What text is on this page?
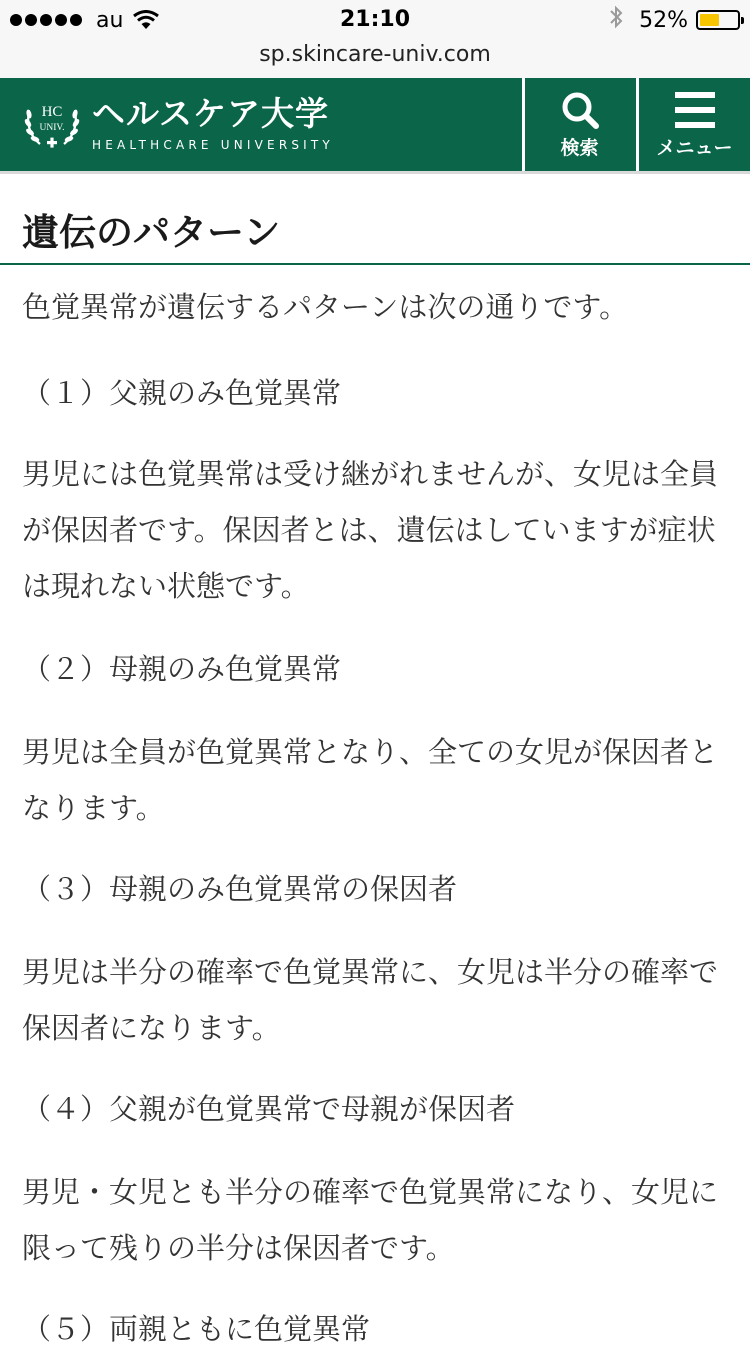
au	21:10	52%
sp.skincare-univ.com
HC
UNIV. ヘルスケア大学
HEALTHCARE UNIVERSITY	検索	メニュー
遺伝のパターン

色覚異常が遺伝するパターンは次の通りです。

（１）父親のみ色覚異常

男児には色覚異常は受け継がれませんが、女児は全員が保因者です。保因者とは、遺伝はしていますが症状は現れない状態です。

（２）母親のみ色覚異常

男児は全員が色覚異常となり、全ての女児が保因者となります。

（３）母親のみ色覚異常の保因者

男児は半分の確率で色覚異常に、女児は半分の確率で保因者になります。

（４）父親が色覚異常で母親が保因者

男児・女児とも半分の確率で色覚異常になり、女児に限って残りの半分は保因者です。

（５）両親ともに色覚異常
